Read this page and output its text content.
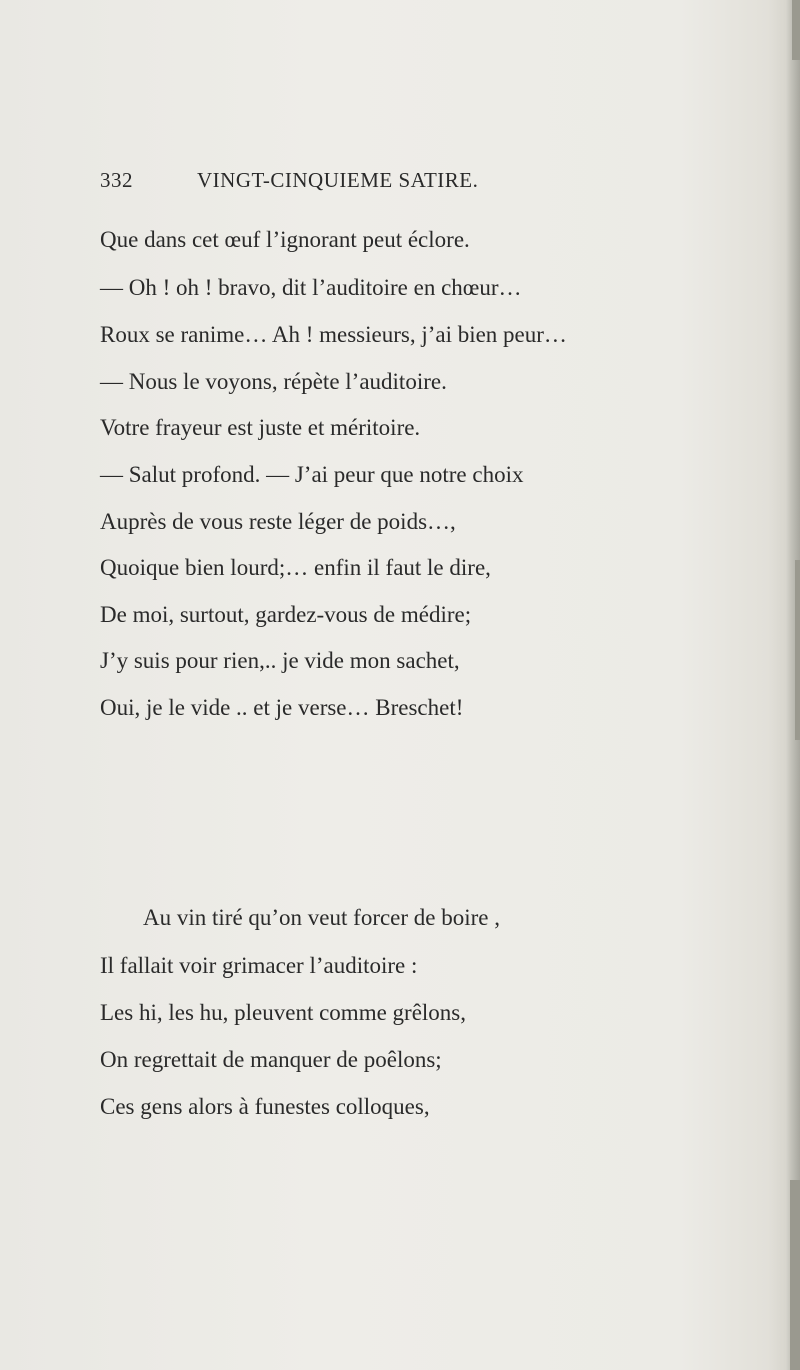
332	VINGT-CINQUIEME SATIRE.
Que dans cet œuf l’ignorant peut éclore.
— Oh ! oh ! bravo, dit l’auditoire en chœur…
Roux se ranime… Ah ! messieurs, j’ai bien peur…
— Nous le voyons, répète l’auditoire.
Votre frayeur est juste et méritoire.
— Salut profond. — J’ai peur que notre choix
Auprès de vous reste léger de poids…,
Quoique bien lourd;… enfin il faut le dire,
De moi, surtout, gardez-vous de médire;
J’y suis pour rien,.. je vide mon sachet,
Oui, je le vide .. et je verse… Breschet!
Au vin tiré qu’on veut forcer de boire ,
Il fallait voir grimacer l’auditoire :
Les hi, les hu, pleuvent comme grêlons,
On regrettait de manquer de poêlons;
Ces gens alors à funestes colloques,
